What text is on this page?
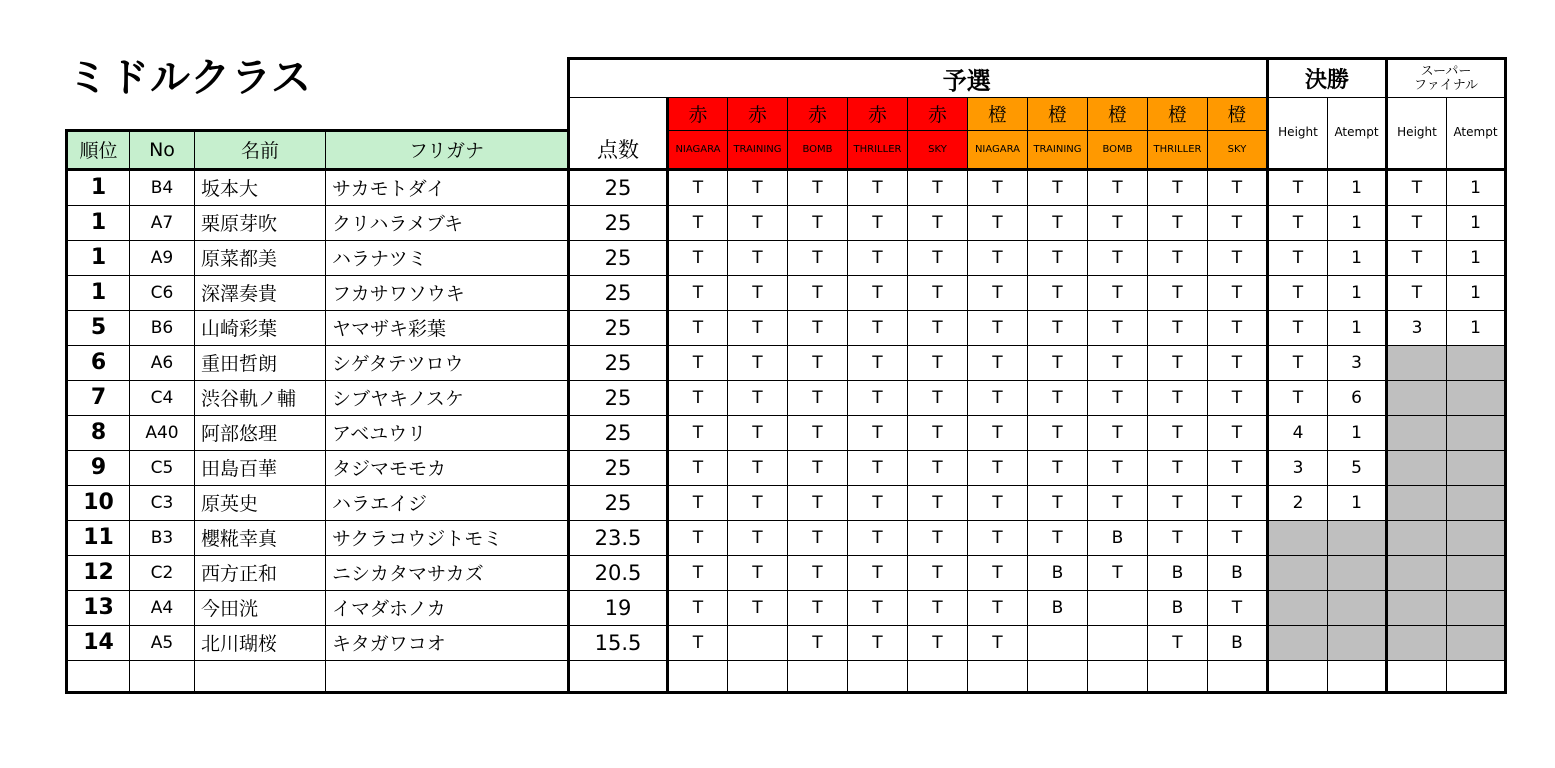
ミドルクラス
					予選										決勝		スーパー
ファイナル	
				点数	赤	赤	赤	赤	赤	橙	橙	橙	橙	橙	Height	Atempt	Height	Atempt
順位	No	名前	フリガナ		NIAGARA	TRAINING	BOMB	THRILLER	SKY	NIAGARA	TRAINING	BOMB	THRILLER	SKY				
1	B4	坂本大	サカモトダイ	25	T	T	T	T	T	T	T	T	T	T	T	1	T	1
1	A7	栗原芽吹	クリハラメブキ	25	T	T	T	T	T	T	T	T	T	T	T	1	T	1
1	A9	原菜都美	ハラナツミ	25	T	T	T	T	T	T	T	T	T	T	T	1	T	1
1	C6	深澤奏貴	フカサワソウキ	25	T	T	T	T	T	T	T	T	T	T	T	1	T	1
5	B6	山崎彩葉	ヤマザキ彩葉	25	T	T	T	T	T	T	T	T	T	T	T	1	3	1
6	A6	重田哲朗	シゲタテツロウ	25	T	T	T	T	T	T	T	T	T	T	T	3		
7	C4	渋谷軌ノ輔	シブヤキノスケ	25	T	T	T	T	T	T	T	T	T	T	T	6		
8	A40	阿部悠理	アベユウリ	25	T	T	T	T	T	T	T	T	T	T	4	1		
9	C5	田島百華	タジマモモカ	25	T	T	T	T	T	T	T	T	T	T	3	5		
10	C3	原英史	ハラエイジ	25	T	T	T	T	T	T	T	T	T	T	2	1		
11	B3	櫻糀幸真	サクラコウジトモミ	23.5	T	T	T	T	T	T	T	B	T	T				
12	C2	西方正和	ニシカタマサカズ	20.5	T	T	T	T	T	T	B	T	B	B				
13	A4	今田洸	イマダホノカ	19	T	T	T	T	T	T	B		B	T				
14	A5	北川瑚桜	キタガワコオ	15.5	T		T	T	T	T			T	B				
